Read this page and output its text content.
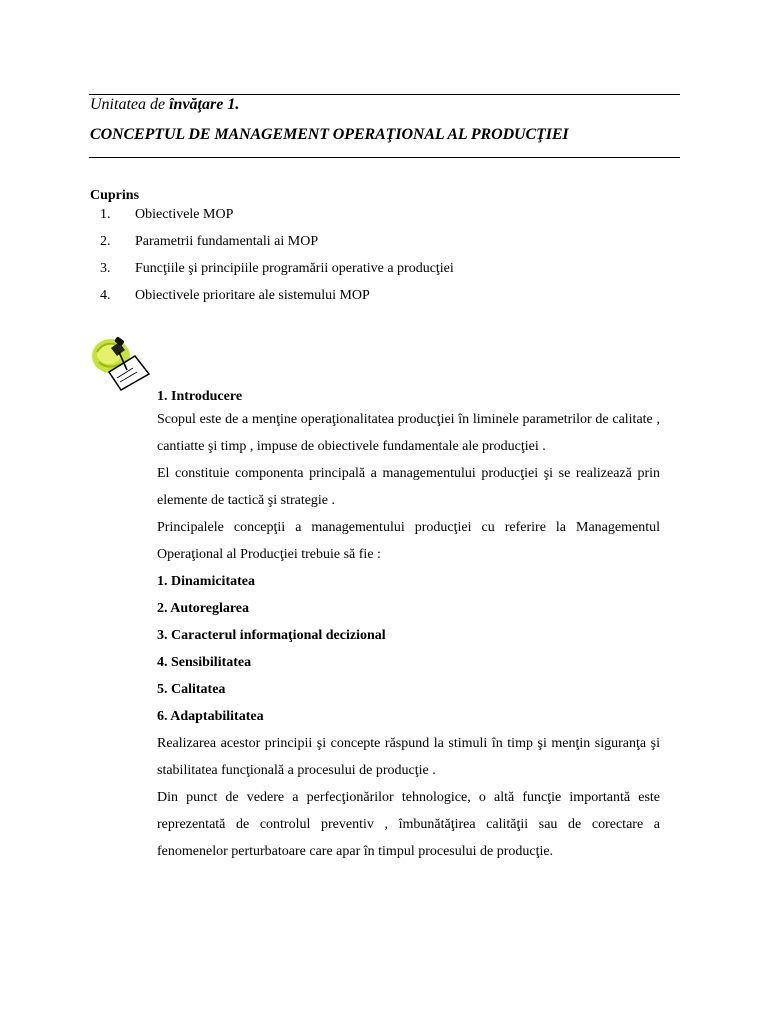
Unitatea de învăţare 1.
CONCEPTUL DE MANAGEMENT OPERAŢIONAL AL PRODUCŢIEI
Cuprins
1.	Obiectivele MOP
2.	Parametrii fundamentali ai MOP
3.	Funcţiile şi principiile programării operative a producţiei
4.	Obiectivele prioritare ale sistemului MOP
1. Introducere

Scopul este de a menţine operaţionalitatea producţiei în liminele parametrilor de calitate , cantiatte şi timp , impuse de obiectivele fundamentale ale producţiei .

El constituie componenta principală a managementului producţiei şi se realizează prin elemente de tactică şi strategie .

Principalele concepţii a managementului producţiei cu referire la Managementul Operaţional al Producţiei trebuie să fie :

1. Dinamicitatea
2. Autoreglarea
3. Caracterul informaţional decizional
4. Sensibilitatea
5. Calitatea
6. Adaptabilitatea

Realizarea acestor principii şi concepte răspund la stimuli în timp şi menţin siguranţa şi stabilitatea funcţională a procesului de producţie .

Din punct de vedere a perfecţionărilor tehnologice, o altă funcţie importantă este reprezentată de controlul preventiv , îmbunătăţirea calităţii sau de corectare a fenomenelor perturbatoare care apar în timpul procesului de producţie.
